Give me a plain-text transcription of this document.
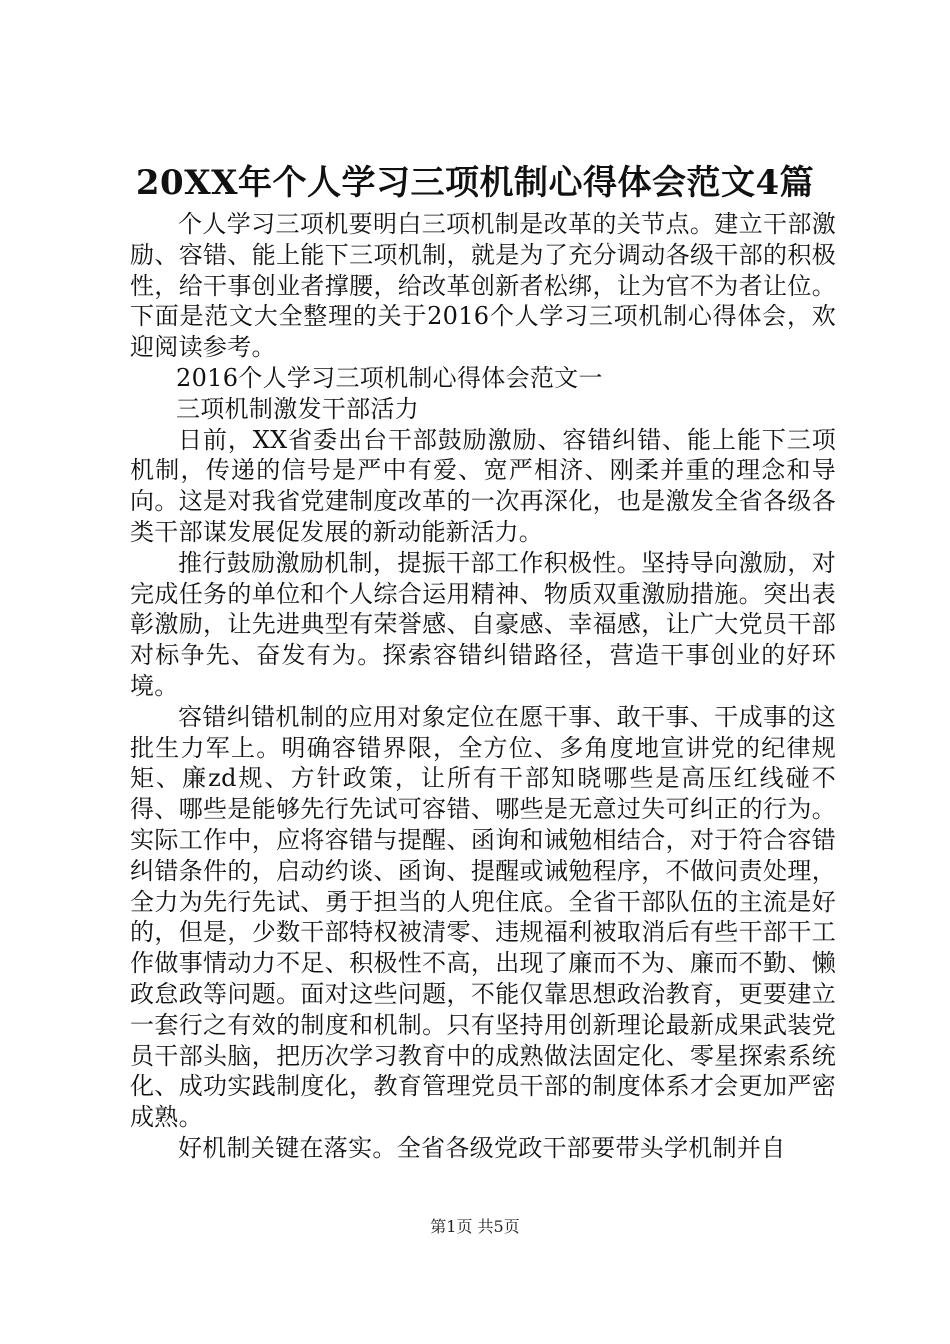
20XX年个人学习三项机制心得体会范文4篇

个人学习三项机要明白三项机制是改革的关节点。建立干部激励、容错、能上能下三项机制，就是为了充分调动各级干部的积极性，给干事创业者撑腰，给改革创新者松绑，让为官不为者让位。下面是范文大全整理的关于2016个人学习三项机制心得体会，欢迎阅读参考。

2016个人学习三项机制心得体会范文一

三项机制激发干部活力

日前，XX省委出台干部鼓励激励、容错纠错、能上能下三项机制，传递的信号是严中有爱、宽严相济、刚柔并重的理念和导向。这是对我省党建制度改革的一次再深化，也是激发全省各级各类干部谋发展促发展的新动能新活力。

推行鼓励激励机制，提振干部工作积极性。坚持导向激励，对完成任务的单位和个人综合运用精神、物质双重激励措施。突出表彰激励，让先进典型有荣誉感、自豪感、幸福感，让广大党员干部对标争先、奋发有为。探索容错纠错路径，营造干事创业的好环境。

容错纠错机制的应用对象定位在愿干事、敢干事、干成事的这批生力军上。明确容错界限，全方位、多角度地宣讲党的纪律规矩、廉zd规、方针政策，让所有干部知晓哪些是高压红线碰不得、哪些是能够先行先试可容错、哪些是无意过失可纠正的行为。实际工作中，应将容错与提醒、函询和诫勉相结合，对于符合容错纠错条件的，启动约谈、函询、提醒或诫勉程序，不做问责处理，全力为先行先试、勇于担当的人兜住底。全省干部队伍的主流是好的，但是，少数干部特权被清零、违规福利被取消后有些干部干工作做事情动力不足、积极性不高，出现了廉而不为、廉而不勤、懒政怠政等问题。面对这些问题，不能仅靠思想政治教育，更要建立一套行之有效的制度和机制。只有坚持用创新理论最新成果武装党员干部头脑，把历次学习教育中的成熟做法固定化、零星探索系统化、成功实践制度化，教育管理党员干部的制度体系才会更加严密成熟。

好机制关键在落实。全省各级党政干部要带头学机制并自

第1页 共5页
